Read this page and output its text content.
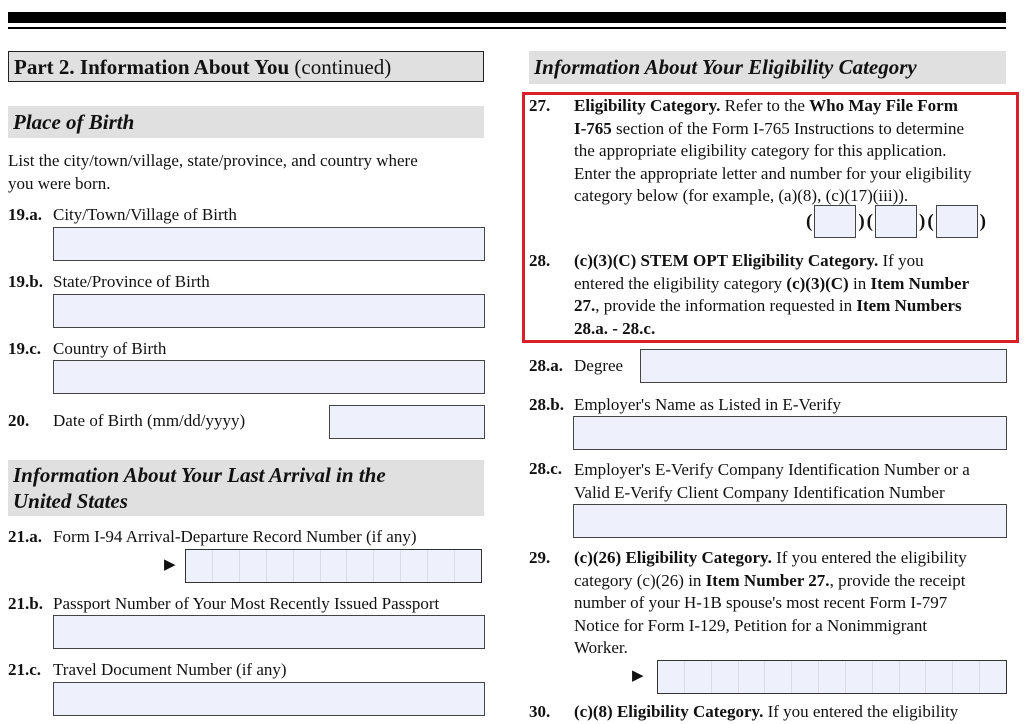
Part 2. Information About You (continued)
Place of Birth
List the city/town/village, state/province, and country where
you were born.
19.a. City/Town/Village of Birth
19.b. State/Province of Birth
19.c. Country of Birth
20. Date of Birth (mm/dd/yyyy)
Information About Your Last Arrival in the
United States
21.a. Form I-94 Arrival-Departure Record Number (if any)
▶
21.b. Passport Number of Your Most Recently Issued Passport
21.c. Travel Document Number (if any)
Information About Your Eligibility Category
27. Eligibility Category. Refer to the Who May File Form
I-765 section of the Form I-765 Instructions to determine
the appropriate eligibility category for this application.
Enter the appropriate letter and number for your eligibility
category below (for example, (a)(8), (c)(17)(iii)).
( ) ( ) ( )
28. (c)(3)(C) STEM OPT Eligibility Category. If you
entered the eligibility category (c)(3)(C) in Item Number
27., provide the information requested in Item Numbers
28.a. - 28.c.
28.a. Degree
28.b. Employer's Name as Listed in E-Verify
28.c. Employer's E-Verify Company Identification Number or a
Valid E-Verify Client Company Identification Number
29. (c)(26) Eligibility Category. If you entered the eligibility
category (c)(26) in Item Number 27., provide the receipt
number of your H-1B spouse's most recent Form I-797
Notice for Form I-129, Petition for a Nonimmigrant
Worker.
▶
30. (c)(8) Eligibility Category. If you entered the eligibility
